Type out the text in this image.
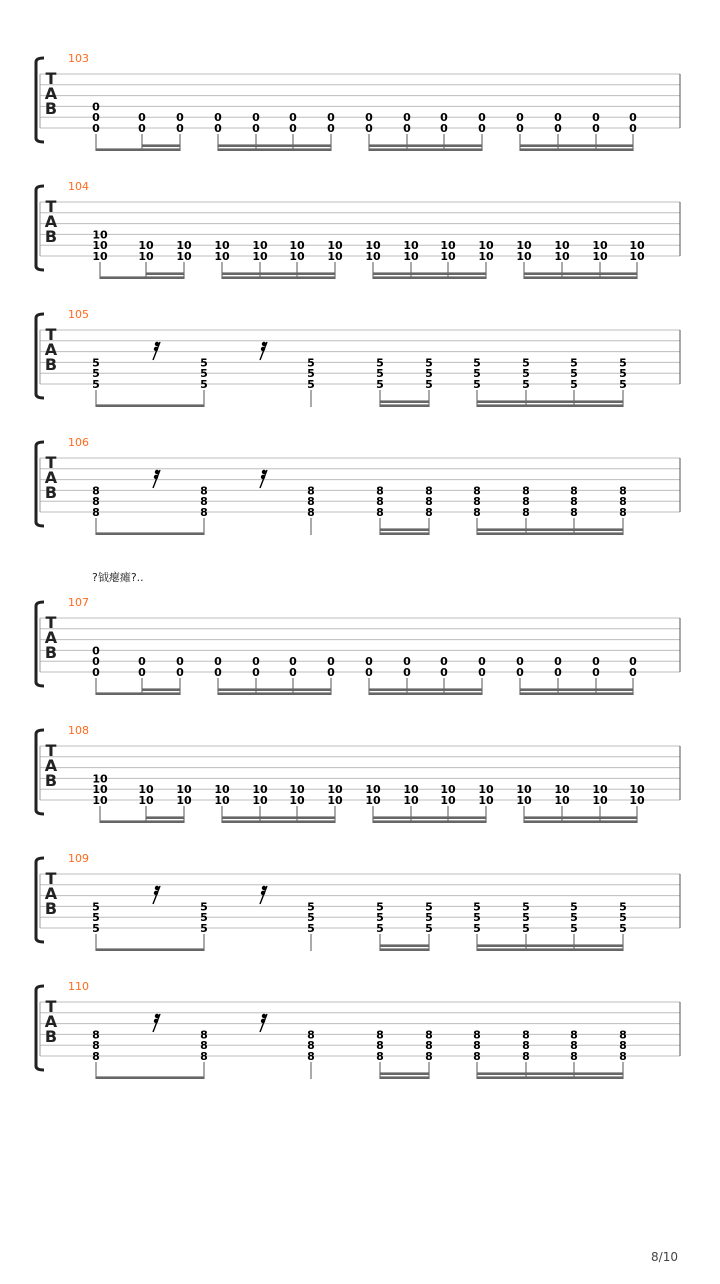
103
T
A
B	0
0
0
0
0
0
0
0
0
0
0
0
0
0
0
0
0
0
0
0
0
0
0
0
0
0
0
0
0
0
0
104
T
A
B	10
10
10
10
10
10
10
10
10
10
10
10
10
10
10
10
10
10
10
10
10
10
10
10
10
10
10
10
10
10
10
105
T
A
B	5
5
5
5
5
5
5
5
5
5
5
5
5
5
5
5
5
5
5
5
5
5
5
5
5
5
5
106
T
A
B	8
8
8
8
8
8
8
8
8
8
8
8
8
8
8
8
8
8
8
8
8
8
8
8
8
8
8
107
T
A
B	0
0
0
0
0
0
0
0
0
0
0
0
0
0
0
0
0
0
0
0
0
0
0
0
0
0
0
0
0
0
0
108
T
A
B	10
10
10
10
10
10
10
10
10
10
10
10
10
10
10
10
10
10
10
10
10
10
10
10
10
10
10
10
10
10
10
109
T
A
B	5
5
5
5
5
5
5
5
5
5
5
5
5
5
5
5
5
5
5
5
5
5
5
5
5
5
5
110
T
A
B	8
8
8
8
8
8
8
8
8
8
8
8
8
8
8
8
8
8
8
8
8
8
8
8
8
8
8
?钺瘪瘫?..
8/10
